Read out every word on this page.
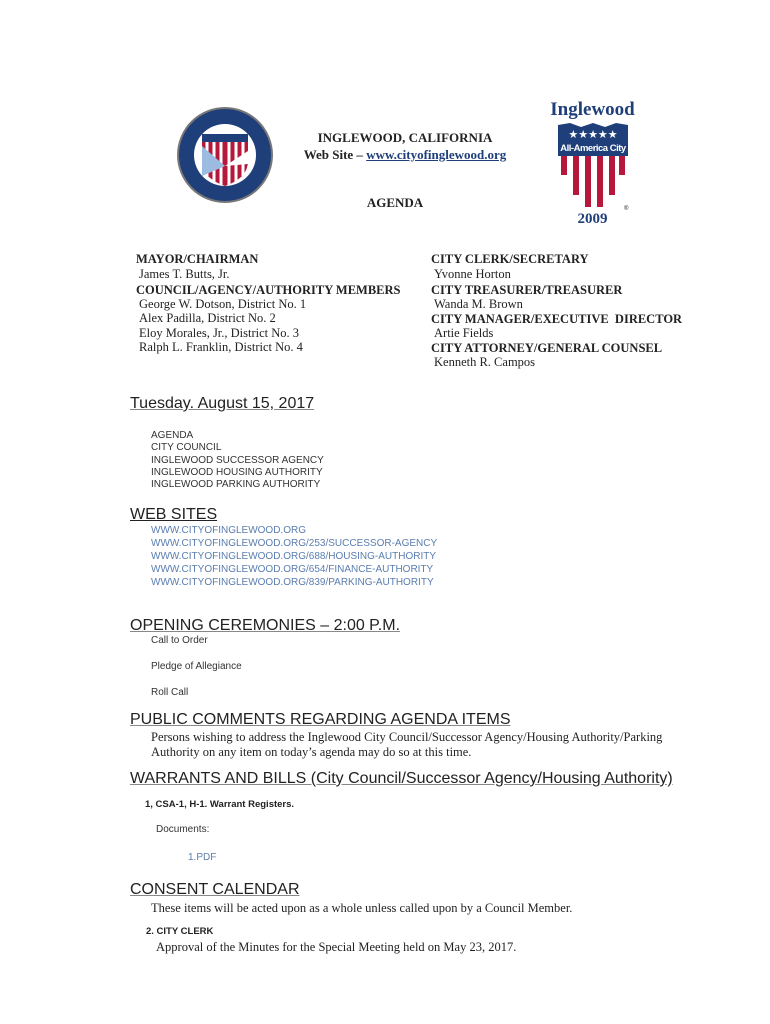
INGLEWOOD, CALIFORNIA
Web Site – www.cityofinglewood.org
AGENDA
Inglewood
★★★★★
All-America City
®
2009
MAYOR/CHAIRMAN
James T. Butts, Jr.
COUNCIL/AGENCY/AUTHORITY MEMBERS
George W. Dotson, District No. 1
Alex Padilla, District No. 2
Eloy Morales, Jr., District No. 3
Ralph L. Franklin, District No. 4
CITY CLERK/SECRETARY
Yvonne Horton
CITY TREASURER/TREASURER
Wanda M. Brown
CITY MANAGER/EXECUTIVE  DIRECTOR
Artie Fields
CITY ATTORNEY/GENERAL COUNSEL
Kenneth R. Campos
Tuesday. August 15, 2017
AGENDA
CITY COUNCIL
INGLEWOOD SUCCESSOR AGENCY
INGLEWOOD HOUSING AUTHORITY
INGLEWOOD PARKING AUTHORITY
WEB SITES
WWW.CITYOFINGLEWOOD.ORG
WWW.CITYOFINGLEWOOD.ORG/253/SUCCESSOR-AGENCY
WWW.CITYOFINGLEWOOD.ORG/688/HOUSING-AUTHORITY
WWW.CITYOFINGLEWOOD.ORG/654/FINANCE-AUTHORITY
WWW.CITYOFINGLEWOOD.ORG/839/PARKING-AUTHORITY
OPENING CEREMONIES – 2:00 P.M.
Call to Order
Pledge of Allegiance
Roll Call
PUBLIC COMMENTS REGARDING AGENDA ITEMS
Persons wishing to address the Inglewood City Council/Successor Agency/Housing Authority/Parking
Authority on any item on today’s agenda may do so at this time.
WARRANTS AND BILLS (City Council/Successor Agency/Housing Authority)
1, CSA-1, H-1. Warrant Registers.
Documents:
1.PDF
CONSENT CALENDAR
These items will be acted upon as a whole unless called upon by a Council Member.
2. CITY CLERK
Approval of the Minutes for the Special Meeting held on May 23, 2017.
